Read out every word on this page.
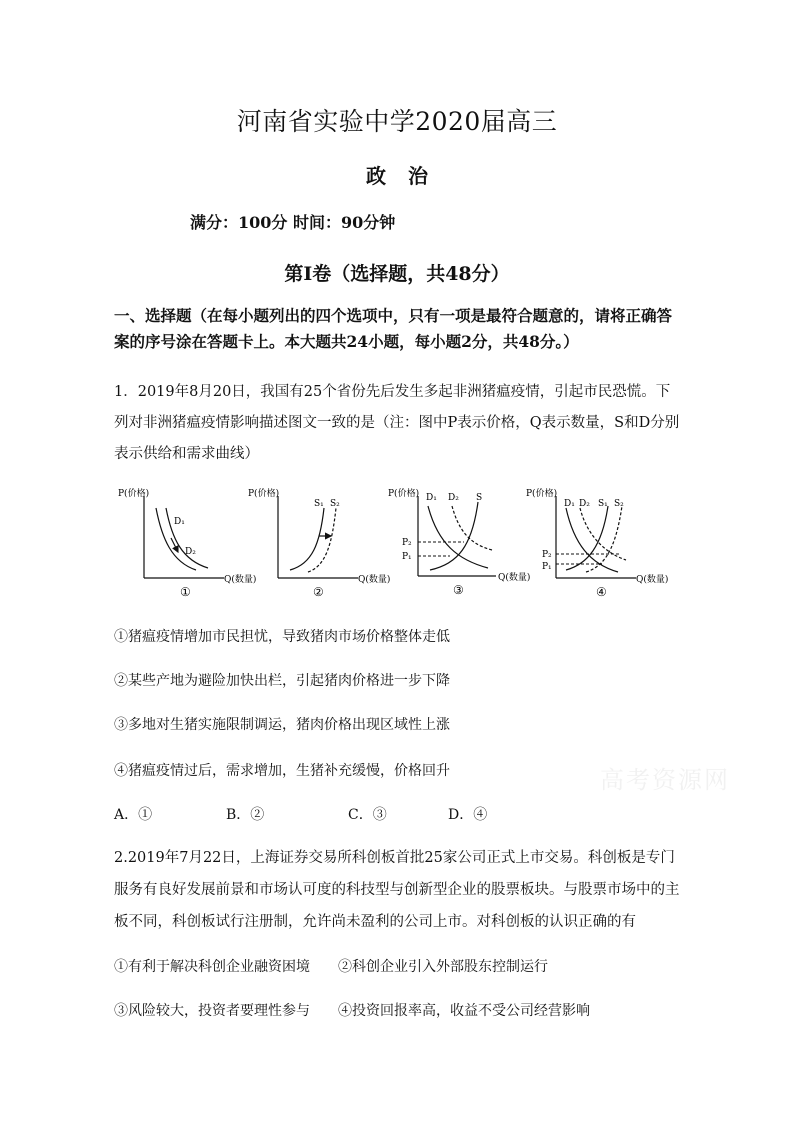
河南省实验中学2020届高三
政治
满分：100分 时间：90分钟
第Ⅰ卷（选择题，共48分）
一、选择题（在每小题列出的四个选项中，只有一项是最符合题意的，请将正确答案的序号涂在答题卡上。本大题共24小题，每小题2分，共48分。）
1．2019年8月20日，我国有25个省份先后发生多起非洲猪瘟疫情，引起市民恐慌。下列对非洲猪瘟疫情影响描述图文一致的是（注：图中P表示价格，Q表示数量，S和D分别表示供给和需求曲线）
P(价格)
Q(数量)
D₁
D₂
①
P(价格)
Q(数量)
S₁ S₂
②
P(价格)
Q(数量)
P₂
P₁
D₁ D₂ S
③
P(价格)
Q(数量)
P₂
P₁
D₁ D₂ S₁ S₂
④
①猪瘟疫情增加市民担忧，导致猪肉市场价格整体走低
②某些产地为避险加快出栏，引起猪肉价格进一步下降
③多地对生猪实施限制调运，猪肉价格出现区域性上涨
④猪瘟疫情过后，需求增加，生猪补充缓慢，价格回升
A．①	B．②	C．③	D．④
2.2019年7月22日，上海证券交易所科创板首批25家公司正式上市交易。科创板是专门服务有良好发展前景和市场认可度的科技型与创新型企业的股票板块。与股票市场中的主板不同，科创板试行注册制，允许尚未盈利的公司上市。对科创板的认识正确的有
①有利于解决科创企业融资困境 ②科创企业引入外部股东控制运行
③风险较大，投资者要理性参与 ④投资回报率高，收益不受公司经营影响
高考资源网
